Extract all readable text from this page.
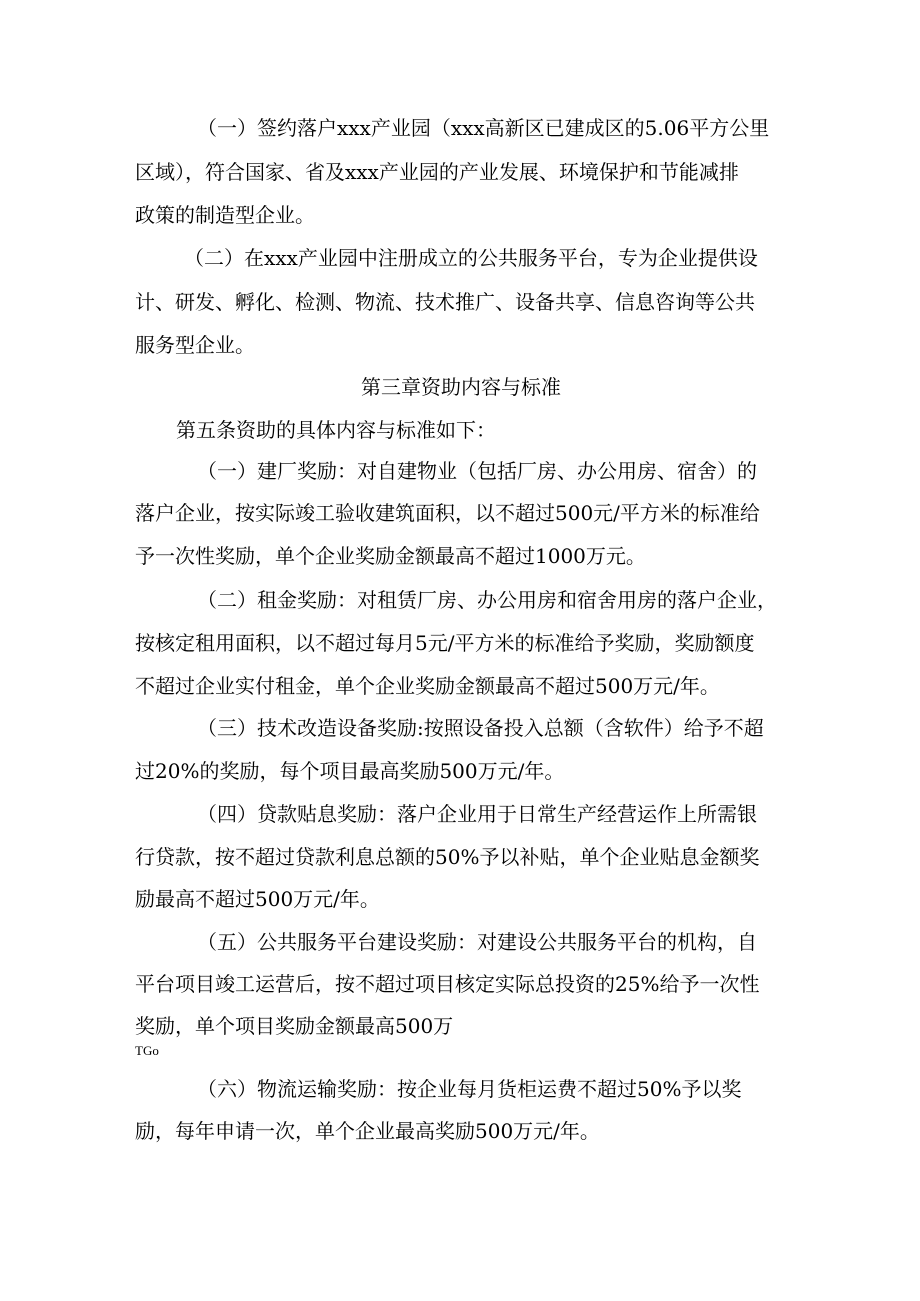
（一）签约落户xxx产业园（xxx高新区已建成区的5.06平方公里
区域），符合国家、省及xxx产业园的产业发展、环境保护和节能减排
政策的制造型企业。
（二）在xxx产业园中注册成立的公共服务平台，专为企业提供设
计、研发、孵化、检测、物流、技术推广、设备共享、信息咨询等公共
服务型企业。
第三章资助内容与标准
第五条资助的具体内容与标准如下：
（一）建厂奖励：对自建物业（包括厂房、办公用房、宿舍）的
落户企业，按实际竣工验收建筑面积，以不超过500元/平方米的标准给
予一次性奖励，单个企业奖励金额最高不超过1000万元。
（二）租金奖励：对租赁厂房、办公用房和宿舍用房的落户企业，
按核定租用面积，以不超过每月5元/平方米的标准给予奖励，奖励额度
不超过企业实付租金，单个企业奖励金额最高不超过500万元/年。
（三）技术改造设备奖励:按照设备投入总额（含软件）给予不超
过20%的奖励，每个项目最高奖励500万元/年。
（四）贷款贴息奖励：落户企业用于日常生产经营运作上所需银
行贷款，按不超过贷款利息总额的50%予以补贴，单个企业贴息金额奖
励最高不超过500万元/年。
（五）公共服务平台建设奖励：对建设公共服务平台的机构，自
平台项目竣工运营后，按不超过项目核定实际总投资的25%给予一次性
奖励，单个项目奖励金额最高500万
TGo
（六）物流运输奖励：按企业每月货柜运费不超过50%予以奖
励，每年申请一次，单个企业最高奖励500万元/年。
